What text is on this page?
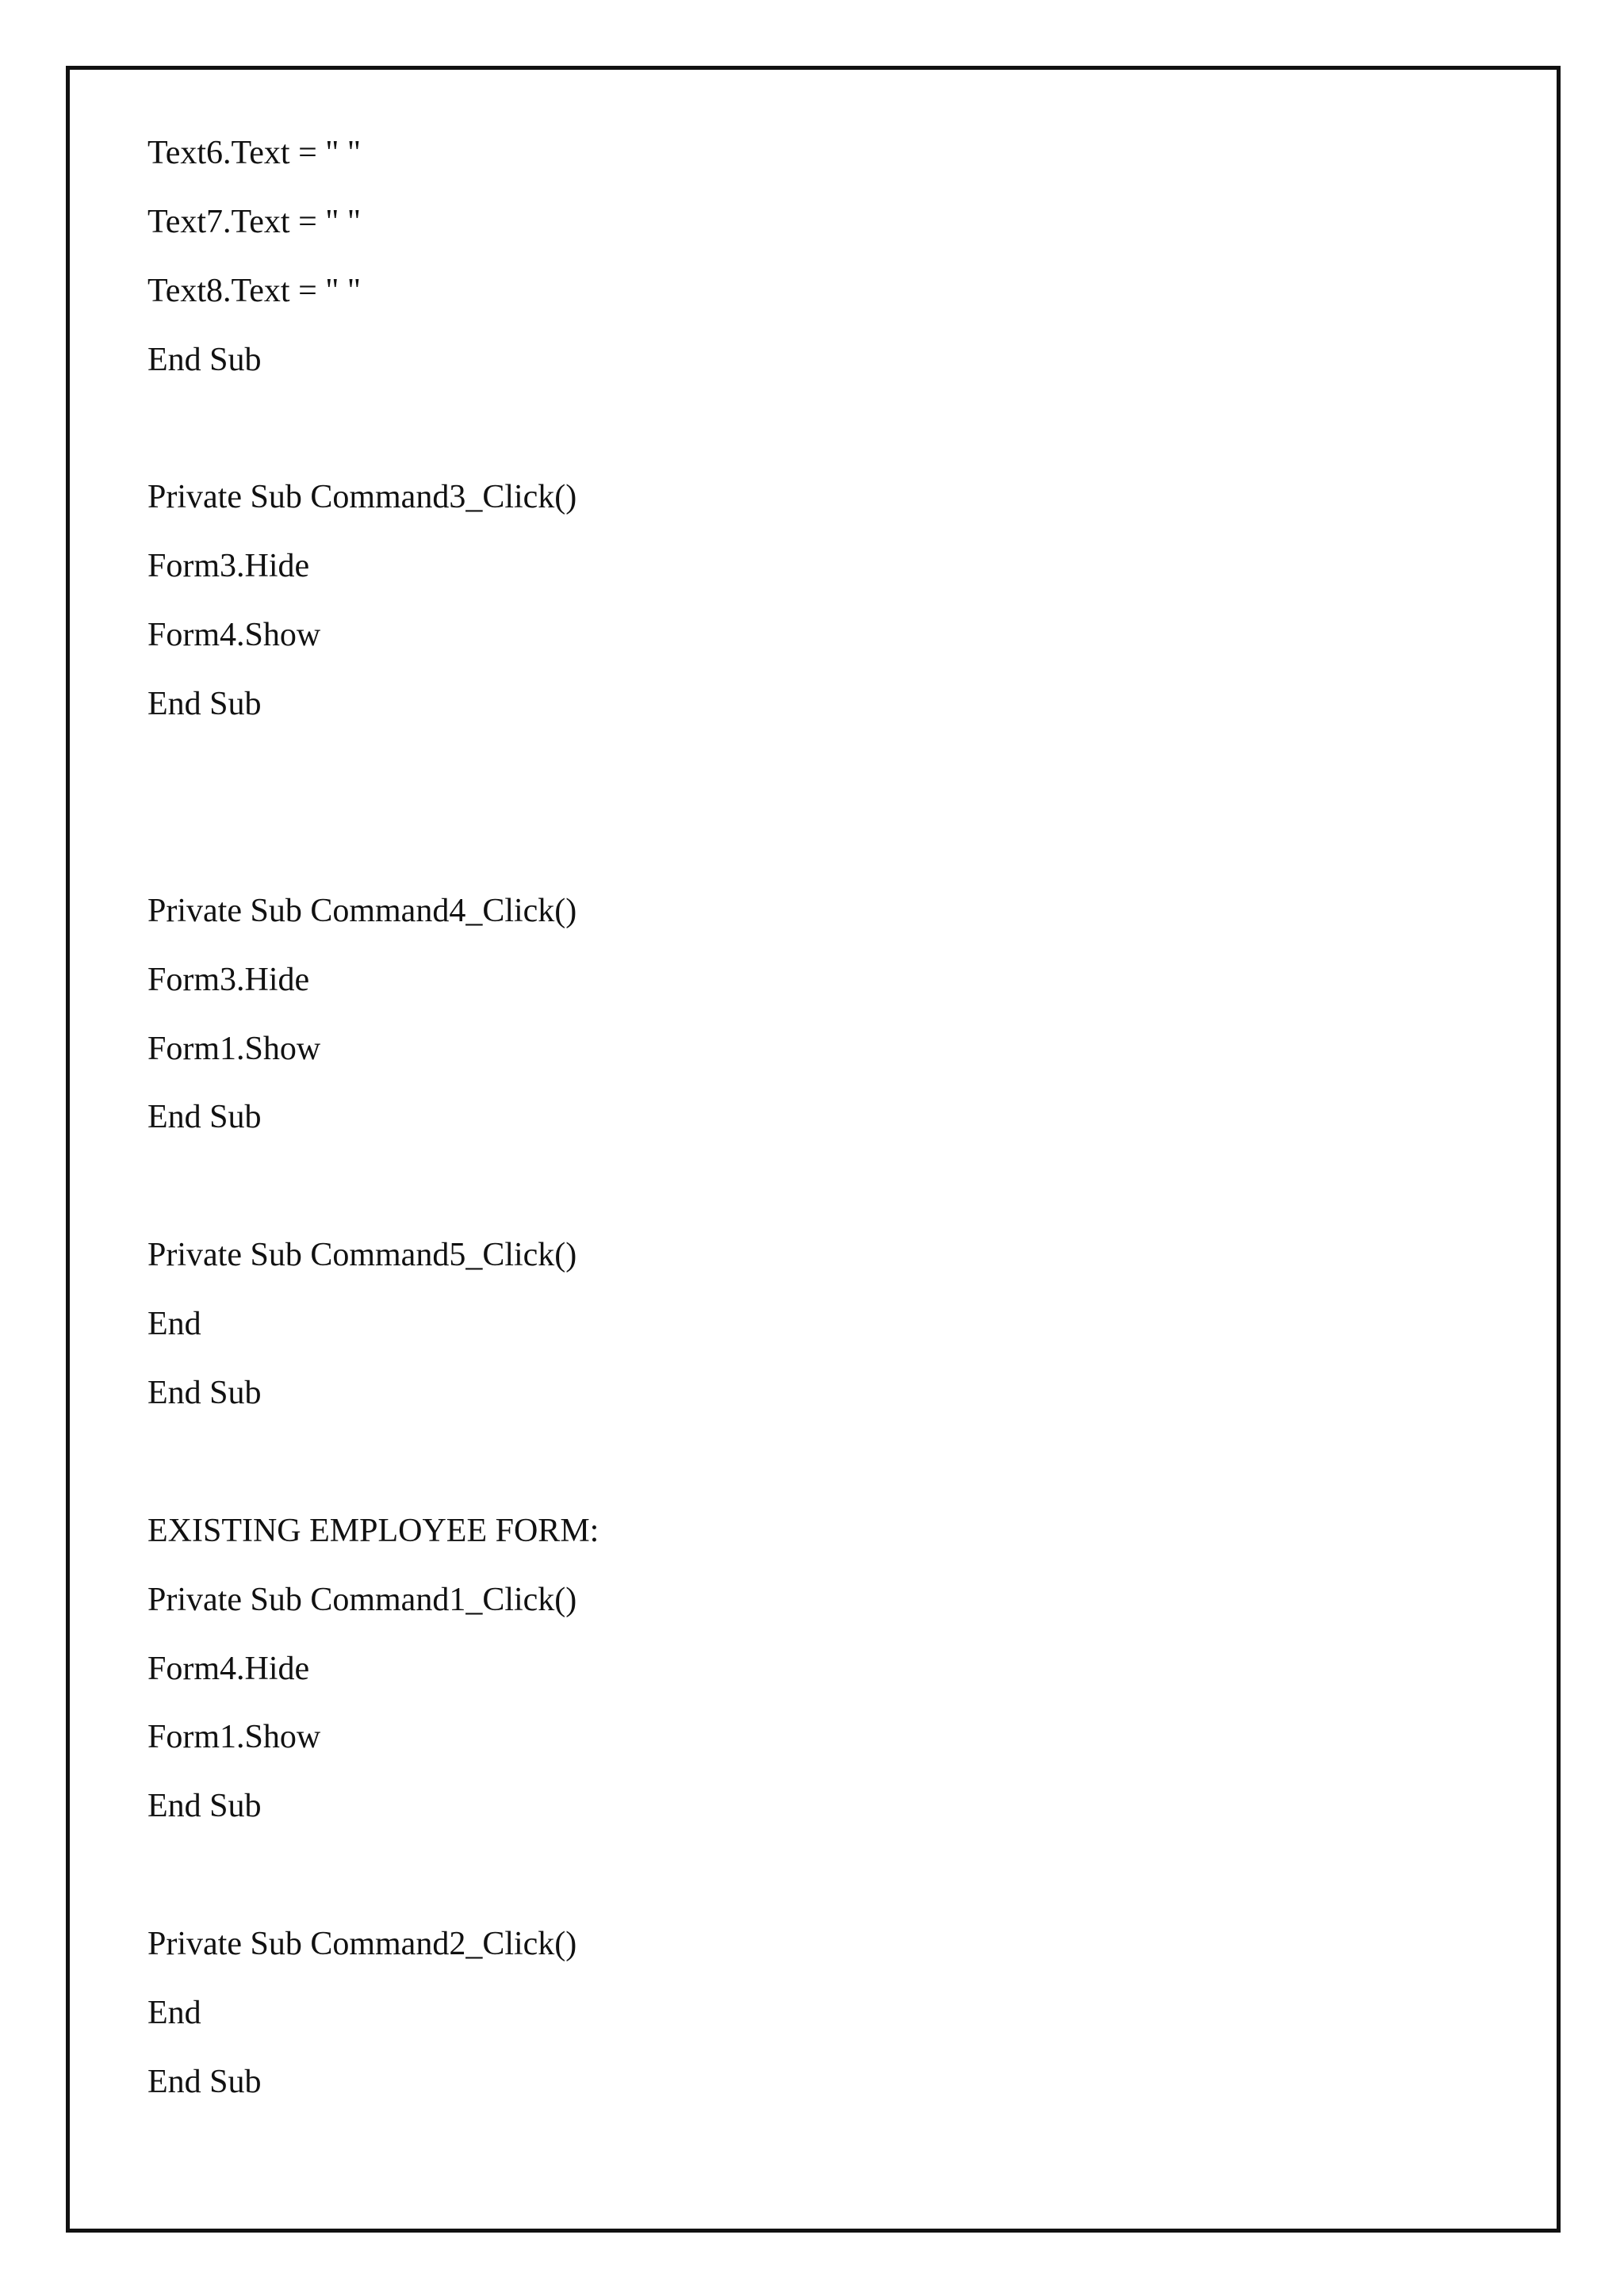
Text6.Text = " "
Text7.Text = " "
Text8.Text = " "
End Sub
Private Sub Command3_Click()
Form3.Hide
Form4.Show
End Sub
Private Sub Command4_Click()
Form3.Hide
Form1.Show
End Sub
Private Sub Command5_Click()
End
End Sub
EXISTING EMPLOYEE FORM:
Private Sub Command1_Click()
Form4.Hide
Form1.Show
End Sub
Private Sub Command2_Click()
End
End Sub
